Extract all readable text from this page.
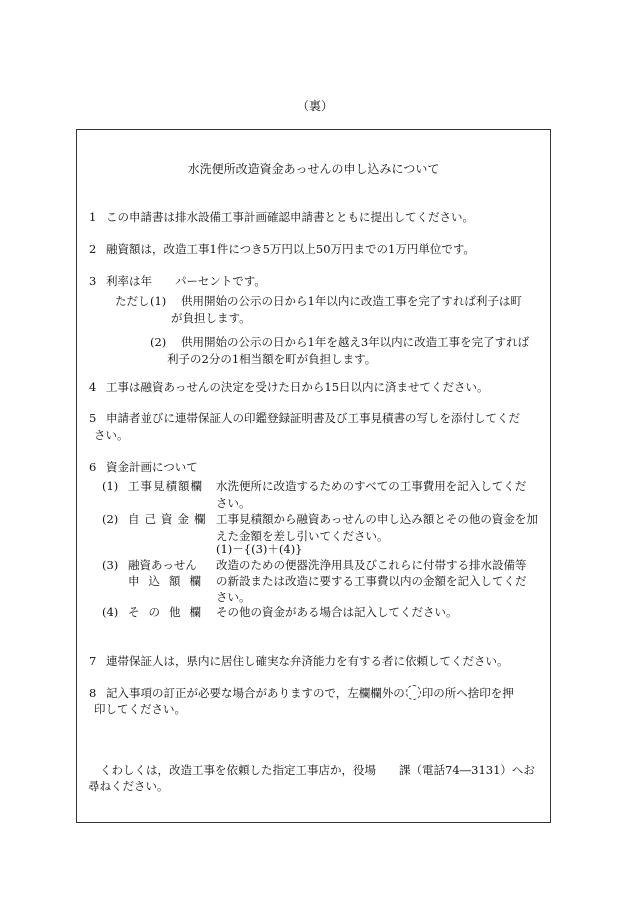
（裏）
水洗便所改造資金あっせんの申し込みについて
1 この申請書は排水設備工事計画確認申請書とともに提出してください。
2 融資額は，改造工事1件につき5万円以上50万円までの1万円単位です。
3 利率は年　　パーセントです。
ただし (1) 供用開始の公示の日から1年以内に改造工事を完了すれば利子は町
が負担します。
(2) 供用開始の公示の日から1年を越え3年以内に改造工事を完了すれば
利子の2分の1相当額を町が負担します。
4 工事は融資あっせんの決定を受けた日から15日以内に済ませてください。
5 申請者並びに連帯保証人の印鑑登録証明書及び工事見積書の写しを添付してくだ
さい。
6 資金計画について
(1) 工事見積額欄 水洗便所に改造するためのすべての工事費用を記入してくだ
さい。
(2) 自己資金欄 工事見積額から融資あっせんの申し込み額とその他の資金を加
えた金額を差し引いてください。
(1)－{(3)＋(4)}
(3) 融資あっせん
申込額欄
改造のための便器洗浄用具及びこれらに付帯する排水設備等
の新設または改造に要する工事費以内の金額を記入してくだ
さい。
(4) その他欄 その他の資金がある場合は記入してください。
7 連帯保証人は，県内に居住し確実な弁済能力を有する者に依頼してください。
8 記入事項の訂正が必要な場合がありますので，左欄欄外の 印の所へ捨印を押
印してください。
くわしくは，改造工事を依頼した指定工事店か，役場　　課（電話74―3131）へお
尋ねください。
